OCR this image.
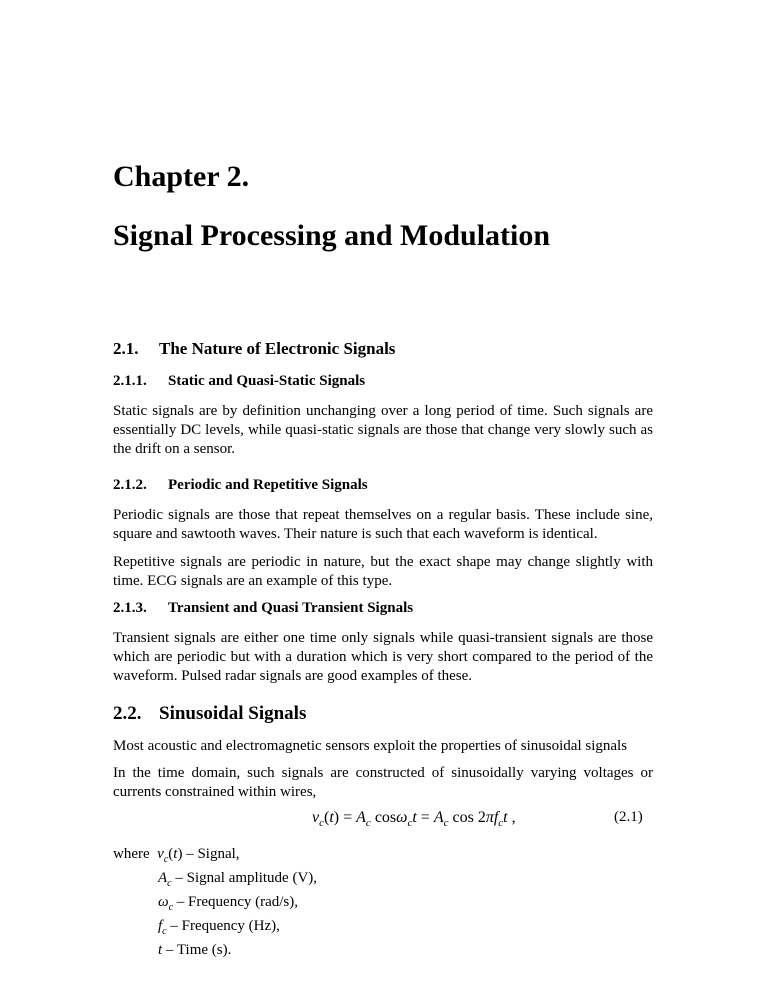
Chapter 2.
Signal Processing and Modulation
2.1. The Nature of Electronic Signals
2.1.1. Static and Quasi-Static Signals

Static signals are by definition unchanging over a long period of time. Such signals are essentially DC levels, while quasi-static signals are those that change very slowly such as the drift on a sensor.

2.1.2. Periodic and Repetitive Signals

Periodic signals are those that repeat themselves on a regular basis. These include sine, square and sawtooth waves. Their nature is such that each waveform is identical.

Repetitive signals are periodic in nature, but the exact shape may change slightly with time. ECG signals are an example of this type.

2.1.3. Transient and Quasi Transient Signals

Transient signals are either one time only signals while quasi-transient signals are those which are periodic but with a duration which is very short compared to the period of the waveform. Pulsed radar signals are good examples of these.

2.2. Sinusoidal Signals

Most acoustic and electromagnetic sensors exploit the properties of sinusoidal signals

In the time domain, such signals are constructed of sinusoidally varying voltages or currents constrained within wires,

$v_c(t) = A_c$ $\cos\omega_ct = A_c$ $\cos 2\pi f_ct$ ,	(2.1)
where $v_c(t)$ – Signal,
$A_c$ – Signal amplitude (V),
$\omega_c$ – Frequency (rad/s),
$f_c$ – Frequency (Hz),
t – Time (s).
